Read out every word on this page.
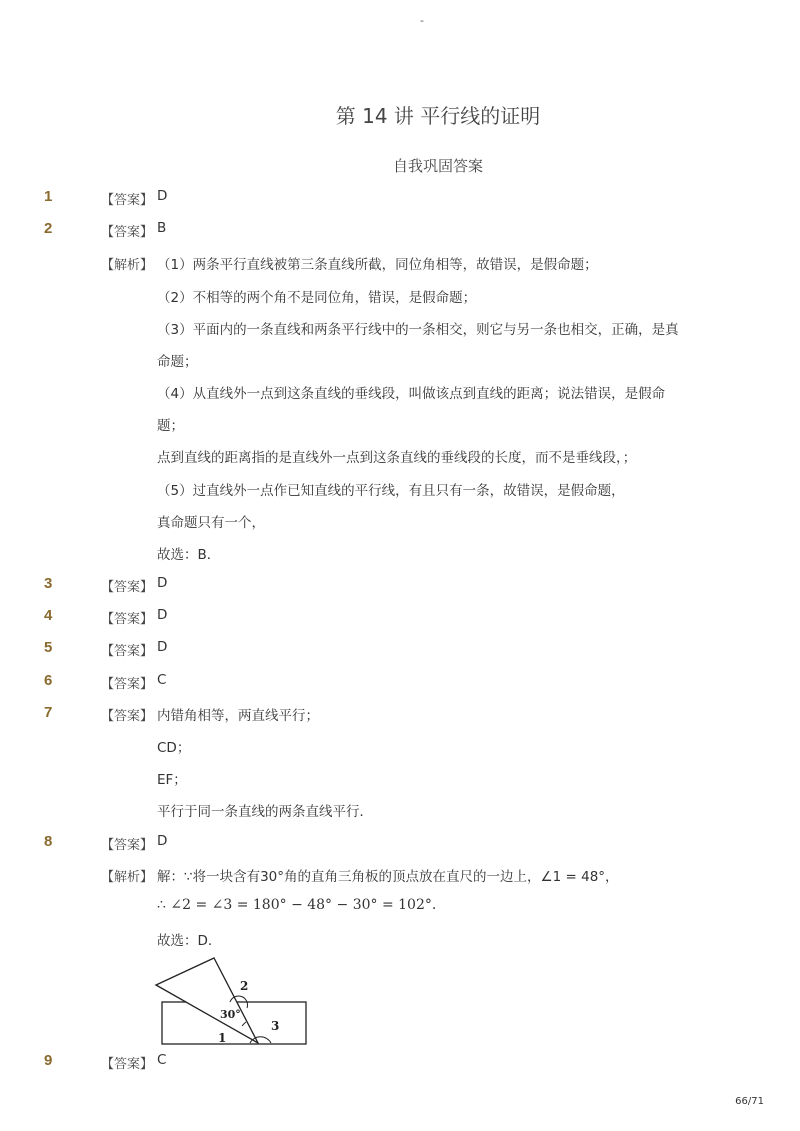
-
第 14 讲 平行线的证明
自我巩固答案
1	【答案】 D
2	【答案】 B
【解析】 （1）两条平行直线被第三条直线所截，同位角相等，故错误，是假命题；
（2）不相等的两个角不是同位角，错误，是假命题；
（3）平面内的一条直线和两条平行线中的一条相交，则它与另一条也相交，正确，是真
命题；
（4）从直线外一点到这条直线的垂线段，叫做该点到直线的距离；说法错误，是假命
题；
点到直线的距离指的是直线外一点到这条直线的垂线段的长度，而不是垂线段，；
（5）过直线外一点作已知直线的平行线，有且只有一条，故错误，是假命题，
真命题只有一个，
故选：B．
3	【答案】 D
4	【答案】 D
5	【答案】 D
6	【答案】 C
7	【答案】 内错角相等，两直线平行；
CD；
EF；
平行于同一条直线的两条直线平行．
8	【答案】 D
【解析】 解：∵将一块含有30°角的直角三角板的顶点放在直尺的一边上，∠1 = 48°，
∴ ∠2 = ∠3 = 180° − 48° − 30° = 102°.
故选：D．
2
30°
3
1
9	【答案】 C
66/71
